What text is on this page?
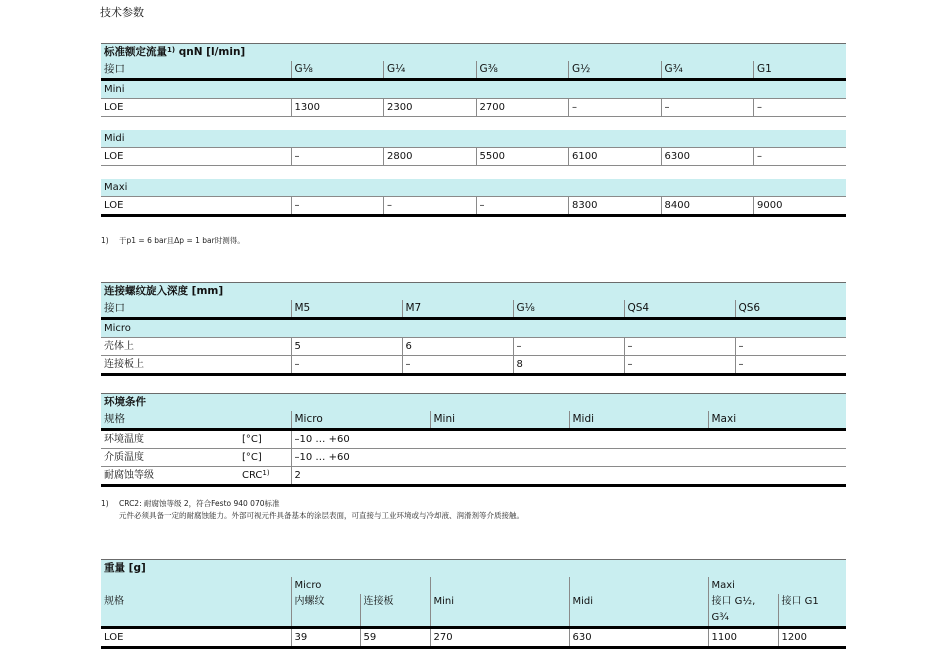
技术参数
标准额定流量$^{1)}$ qnN [l/min]						
接口	G⅛	G¼	G⅜	G½	G¾	G1
Mini						
LOE	1300	2300	2700	–	–	–

Midi						
LOE	–	2800	5500	6100	6300	–

Maxi						
LOE	–	–	–	8300	8400	9000
1) 于p1 = 6 bar且Δp = 1 bar时测得。
连接螺纹旋入深度 [mm]					
接口	M5	M7	G⅛	QS4	QS6
Micro					
壳体上	5	6	–	–	–
连接板上	–	–	8	–	–
环境条件					
规格		Micro	Mini	Midi	Maxi
环境温度	[°C]	–10 … +60			
介质温度	[°C]	–10 … +60			
耐腐蚀等级	CRC$^{1)}$	2			
1) CRC2: 耐腐蚀等级 2，符合Festo 940 070标准
元件必须具备一定的耐腐蚀能力。外部可视元件具备基本的涂层表面，可直接与工业环境或与冷却液、润滑剂等介质接触。
重量 [g]						
规格	Micro		Mini	Midi	Maxi	
	内螺纹	连接板			接口 G½, G¾	接口 G1
LOE	39	59	270	630	1100	1200
